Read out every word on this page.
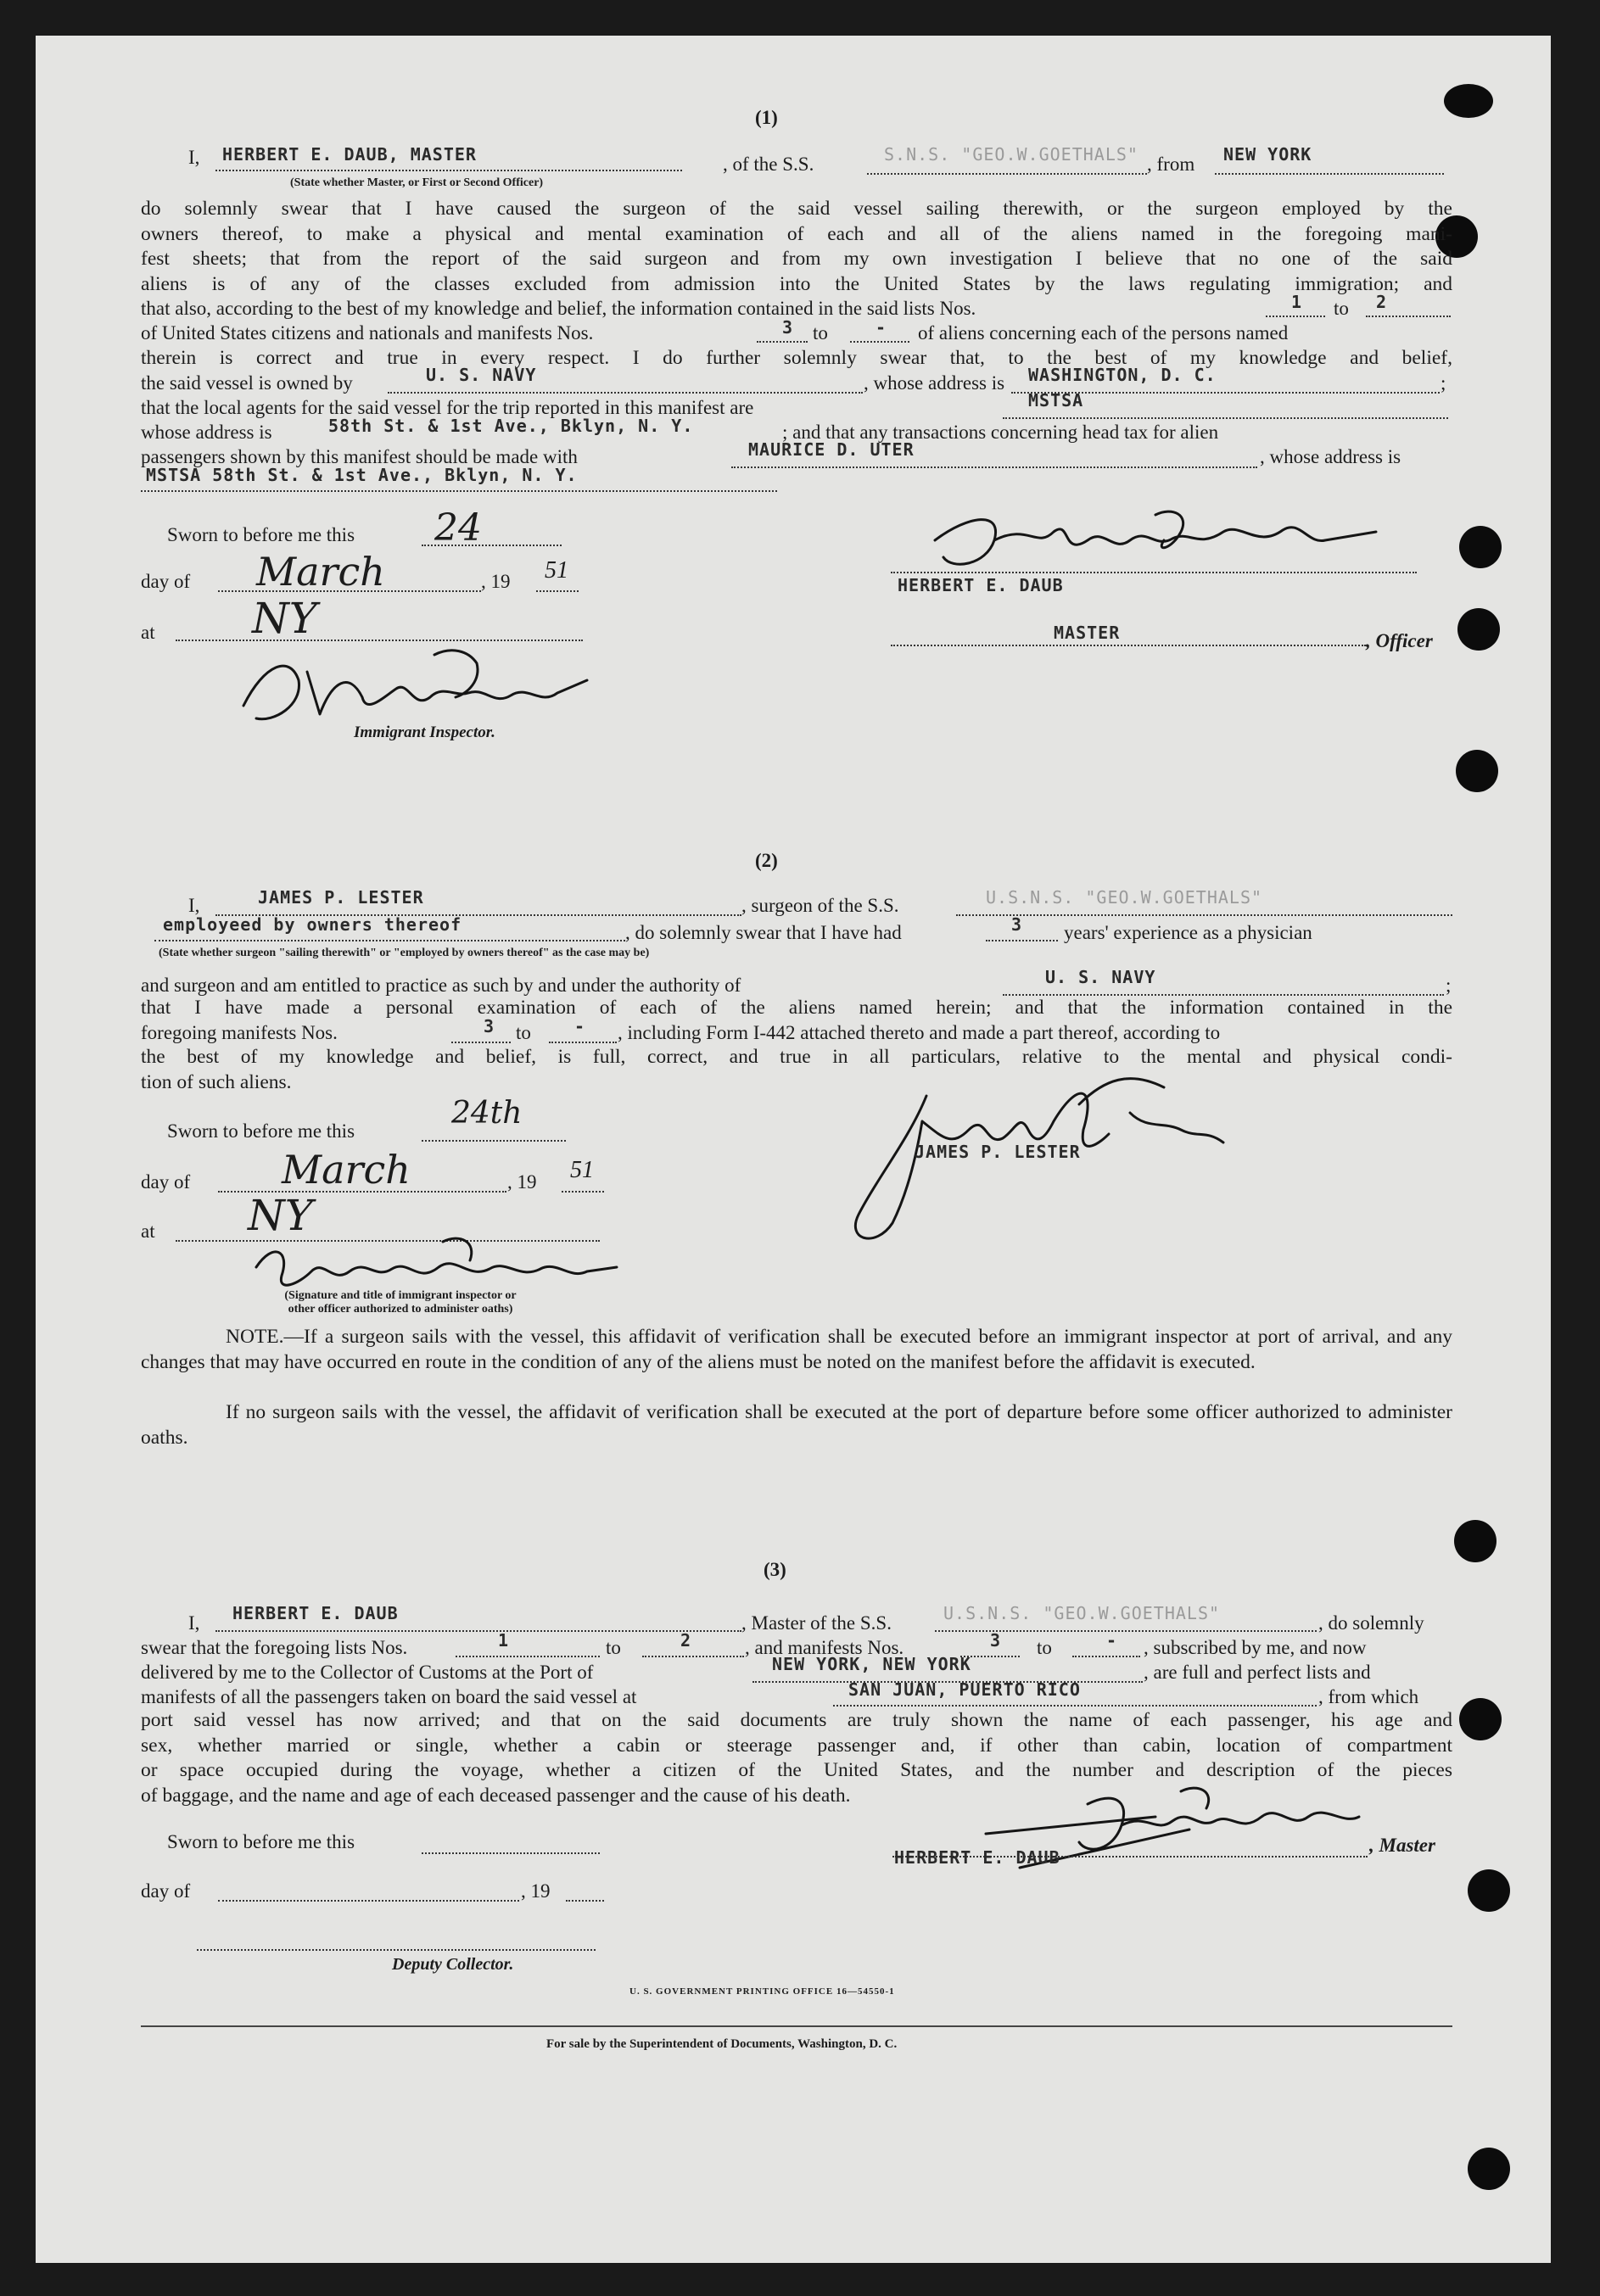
(1)
I, HERBERT E. DAUB, MASTER
(State whether Master, or First or Second Officer)
, of the S.S.	S.N.S. "GEO.W.GOETHALS" , from NEW YORK
do solemnly swear that I have caused the surgeon of the said vessel sailing therewith, or the surgeon employed by the
owners thereof, to make a physical and mental examination of each and all of the aliens named in the foregoing mani-
fest sheets; that from the report of the said surgeon and from my own investigation I believe that no one of the said
aliens is of any of the classes excluded from admission into the United States by the laws regulating immigration; and
that also, according to the best of my knowledge and belief, the information contained in the said lists Nos.	1 to 2
of United States citizens and nationals and manifests Nos.	3 to	- of aliens concerning each of the persons named
therein is correct and true in every respect. I do further solemnly swear that, to the best of my knowledge and belief,
the said vessel is owned by	U. S. NAVY	, whose address is WASHINGTON, D. C.	;
that the local agents for the said vessel for the trip reported in this manifest are	MSTSA
whose address is	58th St. & 1st Ave., Bklyn, N. Y.	; and that any transactions concerning head tax for alien
passengers shown by this manifest should be made with	MAURICE D. UTER	, whose address is
MSTSA 58th St. & 1st Ave., Bklyn, N. Y.
Sworn to before me this 24
day of March	, 19 51
at NY
Immigrant Inspector.
HERBERT E. DAUB
MASTER	, Officer
(2)
I,	JAMES P. LESTER	, surgeon of the S.S.	U.S.N.S. "GEO.W.GOETHALS"
employeed by owners thereof	, do solemnly swear that I have had	3 years' experience as a physician
(State whether surgeon "sailing therewith" or "employed by owners thereof" as the case may be)
and surgeon and am entitled to practice as such by and under the authority of	U. S. NAVY	;
that I have made a personal examination of each of the aliens named herein; and that the information contained in the
foregoing manifests Nos.	3 to	- , including Form I-442 attached thereto and made a part thereof, according to
the best of my knowledge and belief, is full, correct, and true in all particulars, relative to the mental and physical condi-
tion of such aliens.
Sworn to before me this
24th
day of March	, 19 51
at NY
(Signature and title of immigrant inspector or
other officer authorized to administer oaths)
JAMES P. LESTER
NOTE.—If a surgeon sails with the vessel, this affidavit of verification shall be executed before an immigrant inspector at port of arrival, and any changes that may have occurred en route in the condition of any of the aliens must be noted on the manifest before the affidavit is executed.
If no surgeon sails with the vessel, the affidavit of verification shall be executed at the port of departure before some officer authorized to administer oaths.
(3)
I, HERBERT E. DAUB	, Master of the S.S.	U.S.N.S. "GEO.W.GOETHALS"	, do solemnly
swear that the foregoing lists Nos.	1	to	2	, and manifests Nos.	3 to	- , subscribed by me, and now
delivered by me to the Collector of Customs at the Port of	NEW YORK, NEW YORK	, are full and perfect lists and
manifests of all the passengers taken on board the said vessel at	SAN JUAN, PUERTO RICO	, from which
port said vessel has now arrived; and that on the said documents are truly shown the name of each passenger, his age and
sex, whether married or single, whether a cabin or steerage passenger and, if other than cabin, location of compartment
or space occupied during the voyage, whether a citizen of the United States, and the number and description of the pieces
of baggage, and the name and age of each deceased passenger and the cause of his death.
Sworn to before me this
day of	, 19
Deputy Collector.
HERBERT E. DAUB
, Master
U. S. GOVERNMENT PRINTING OFFICE 16—54550-1
For sale by the Superintendent of Documents, Washington, D. C.
